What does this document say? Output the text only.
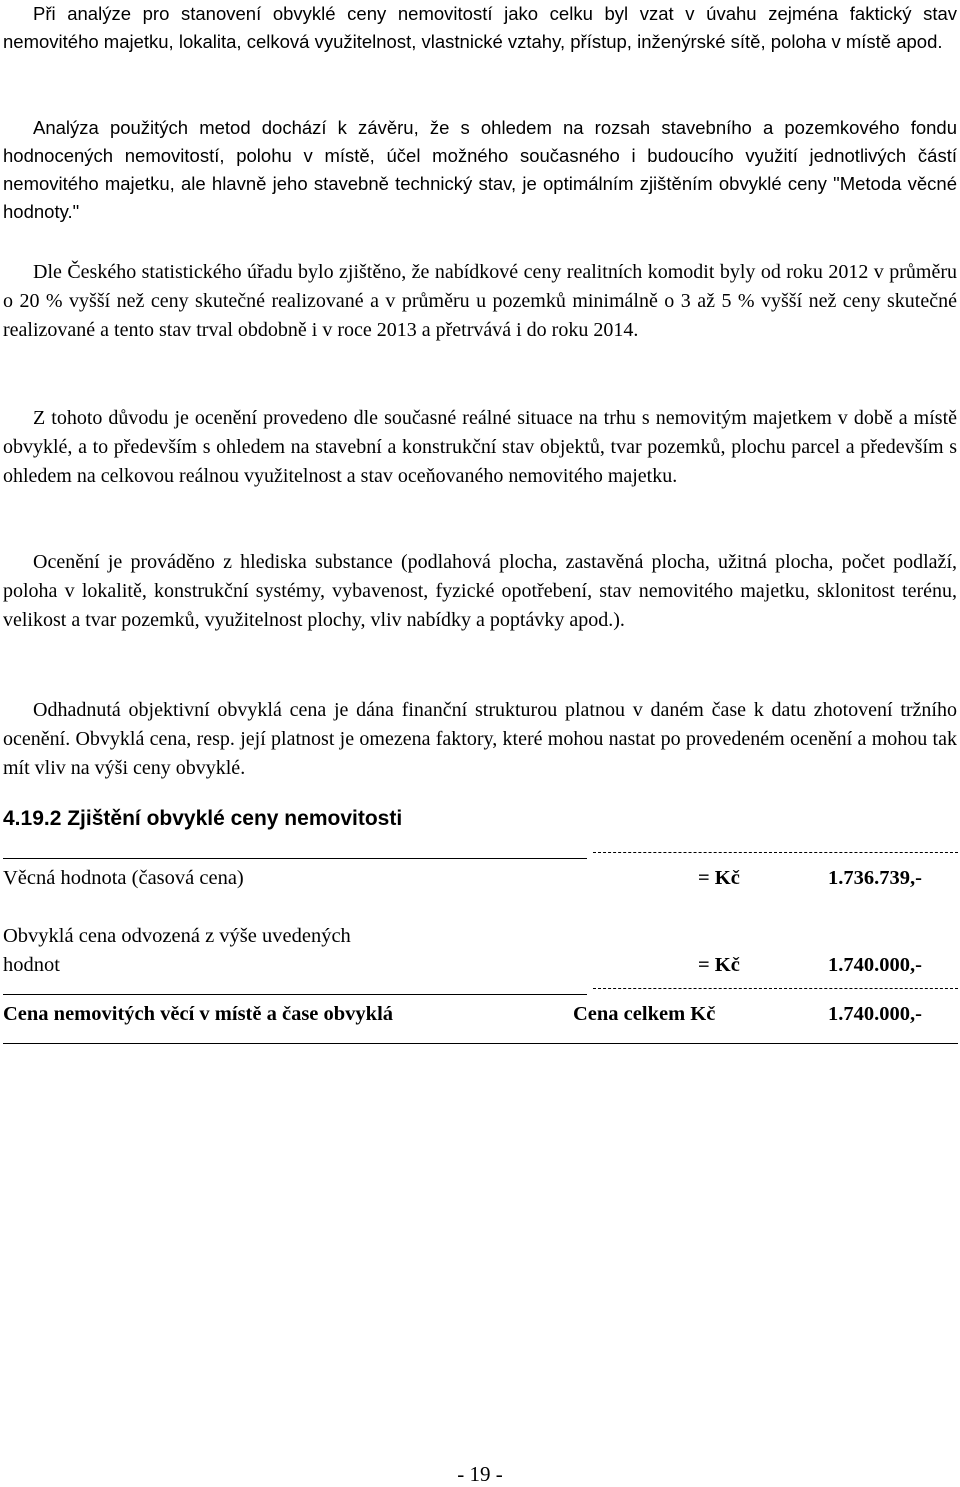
Při analýze pro stanovení obvyklé ceny nemovitostí jako celku byl vzat v úvahu zejména faktický stav nemovitého majetku, lokalita, celková využitelnost, vlastnické vztahy, přístup, inženýrské sítě, poloha v místě apod.

Analýza použitých metod dochází k závěru, že s ohledem na rozsah stavebního a pozemkového fondu hodnocených nemovitostí, polohu v místě, účel možného současného i budoucího využití jednotlivých částí nemovitého majetku, ale hlavně jeho stavebně technický stav, je optimálním zjištěním obvyklé ceny "Metoda věcné hodnoty."

Dle Českého statistického úřadu bylo zjištěno, že nabídkové ceny realitních komodit byly od roku 2012 v průměru o 20 % vyšší než ceny skutečné realizované a v průměru u pozemků minimálně o 3 až 5 % vyšší než ceny skutečné realizované a tento stav trval obdobně i v roce 2013 a přetrvává i do roku 2014.

Z tohoto důvodu je ocenění provedeno dle současné reálné situace na trhu s nemovitým majetkem v době a místě obvyklé, a to především s ohledem na stavební a konstrukční stav objektů, tvar pozemků, plochu parcel a především s ohledem na celkovou reálnou využitelnost a stav oceňovaného nemovitého majetku.

Ocenění je prováděno z hlediska substance (podlahová plocha, zastavěná plocha, užitná plocha, počet podlaží, poloha v lokalitě, konstrukční systémy, vybavenost, fyzické opotřebení, stav nemovitého majetku, sklonitost terénu, velikost a tvar pozemků, využitelnost plochy, vliv nabídky a poptávky apod.).

Odhadnutá objektivní obvyklá cena je dána finanční strukturou platnou v daném čase k datu zhotovení tržního ocenění. Obvyklá cena, resp. její platnost je omezena faktory, které mohou nastat po provedeném ocenění a mohou tak mít vliv na výši ceny obvyklé.

4.19.2 Zjištění obvyklé ceny nemovitosti
Věcná hodnota (časová cena)	= Kč	1.736.739,-
Obvyklá cena odvozená z výše uvedených
hodnot	= Kč	1.740.000,-
Cena nemovitých věcí v místě a čase obvyklá	Cena celkem Kč	1.740.000,-
- 19 -
